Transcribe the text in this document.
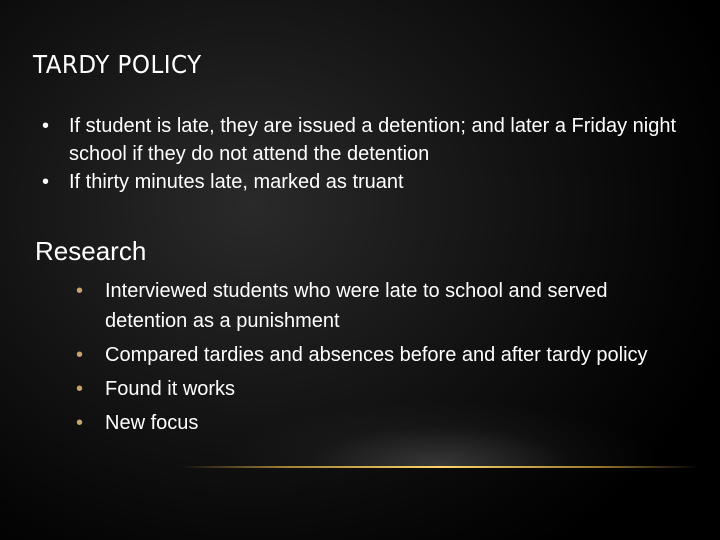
TARDY POLICY
• If student is late, they are issued a detention; and later a Friday night school if they do not attend the detention
• If thirty minutes late, marked as truant
Research
• Interviewed students who were late to school and served detention as a punishment
• Compared tardies and absences before and after tardy policy
• Found it works
• New focus
